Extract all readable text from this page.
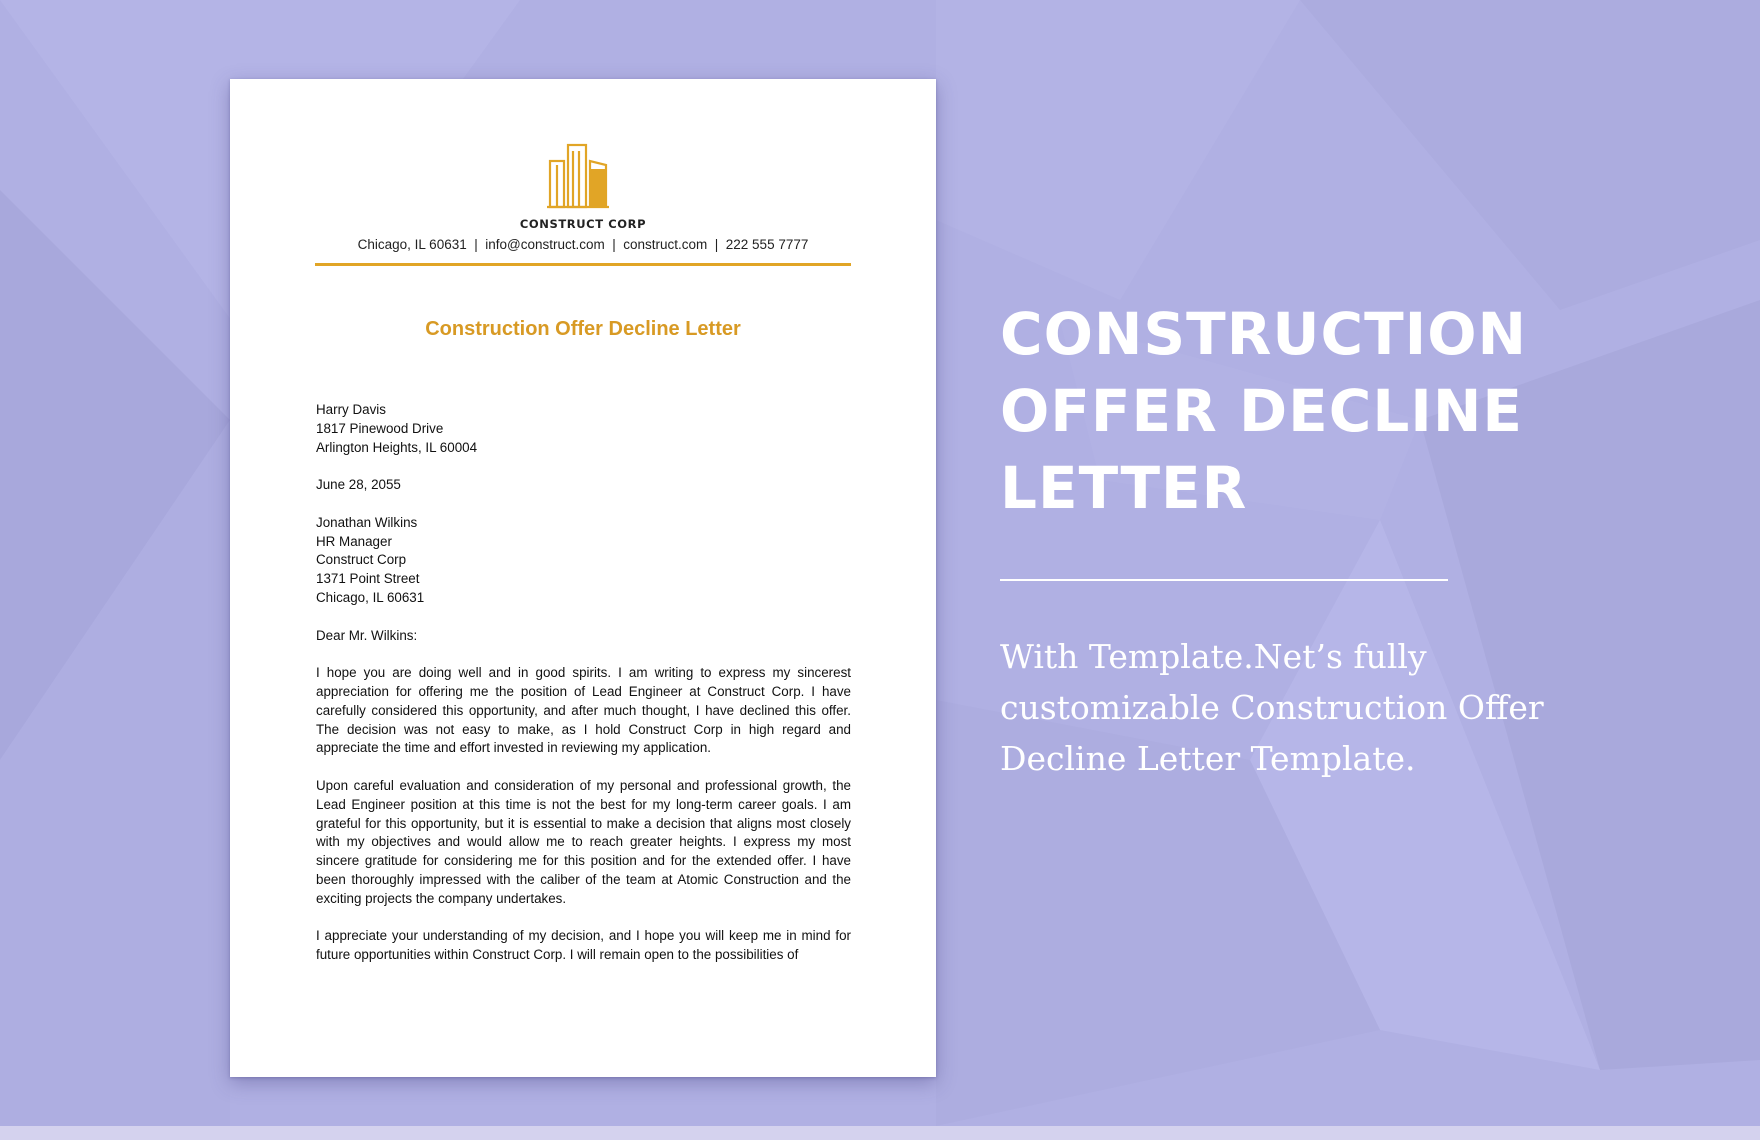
CONSTRUCT CORP
Chicago, IL 60631  |  info@construct.com  |  construct.com  |  222 555 7777
Construction Offer Decline Letter
Harry Davis
1817 Pinewood Drive
Arlington Heights, IL 60004
June 28, 2055
Jonathan Wilkins
HR Manager
Construct Corp
1371 Point Street
Chicago, IL 60631
Dear Mr. Wilkins:

I hope you are doing well and in good spirits. I am writing to express my sincerest appreciation for offering me the position of Lead Engineer at Construct Corp. I have carefully considered this opportunity, and after much thought, I have declined this offer. The decision was not easy to make, as I hold Construct Corp in high regard and appreciate the time and effort invested in reviewing my application.

Upon careful evaluation and consideration of my personal and professional growth, the Lead Engineer position at this time is not the best for my long-term career goals. I am grateful for this opportunity, but it is essential to make a decision that aligns most closely with my objectives and would allow me to reach greater heights. I express my most sincere gratitude for considering me for this position and for the extended offer. I have been thoroughly impressed with the caliber of the team at Atomic Construction and the exciting projects the company undertakes.

I appreciate your understanding of my decision, and I hope you will keep me in mind for future opportunities within Construct Corp. I will remain open to the possibilities of

CONSTRUCTION
OFFER DECLINE
LETTER
With Template.Net’s fully customizable Construction Offer Decline Letter Template.
